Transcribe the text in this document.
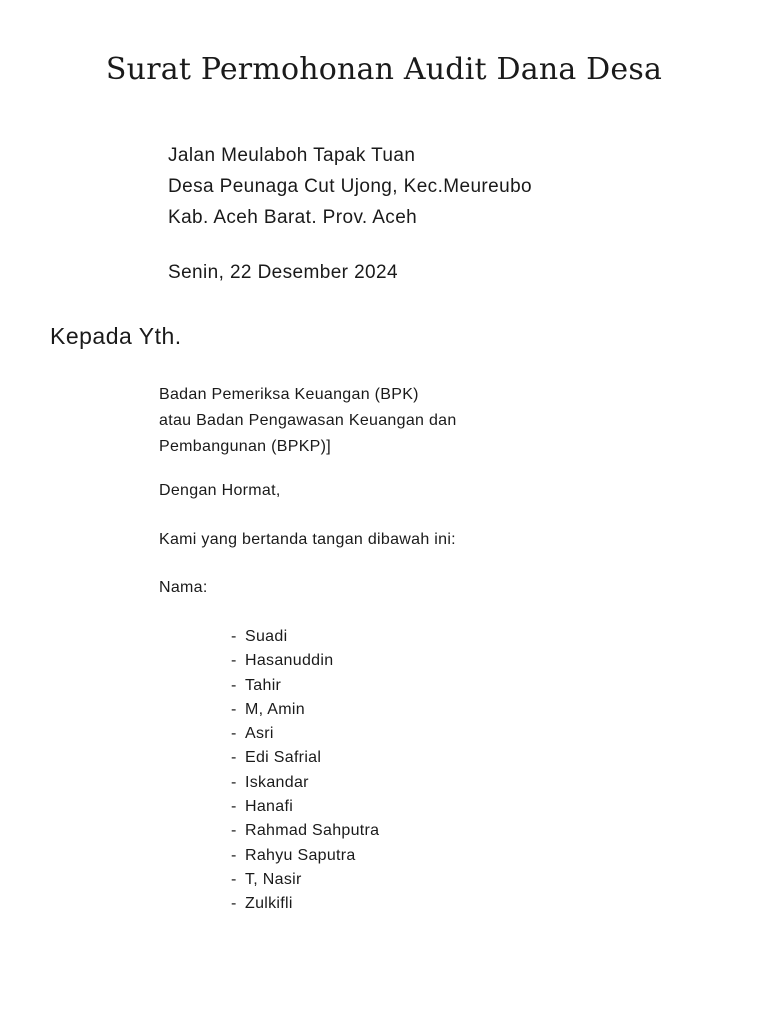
Surat Permohonan Audit Dana Desa
Jalan Meulaboh Tapak Tuan
Desa Peunaga Cut Ujong, Kec.Meureubo
Kab. Aceh Barat. Prov. Aceh
Senin, 22 Desember 2024
Kepada Yth.
Badan Pemeriksa Keuangan (BPK)
atau Badan Pengawasan Keuangan dan
Pembangunan (BPKP)]
Dengan Hormat,
Kami yang bertanda tangan dibawah ini:
Nama:
- Suadi
- Hasanuddin
- Tahir
- M, Amin
- Asri
- Edi Safrial
- Iskandar
- Hanafi
- Rahmad Sahputra
- Rahyu Saputra
- T, Nasir
- Zulkifli
